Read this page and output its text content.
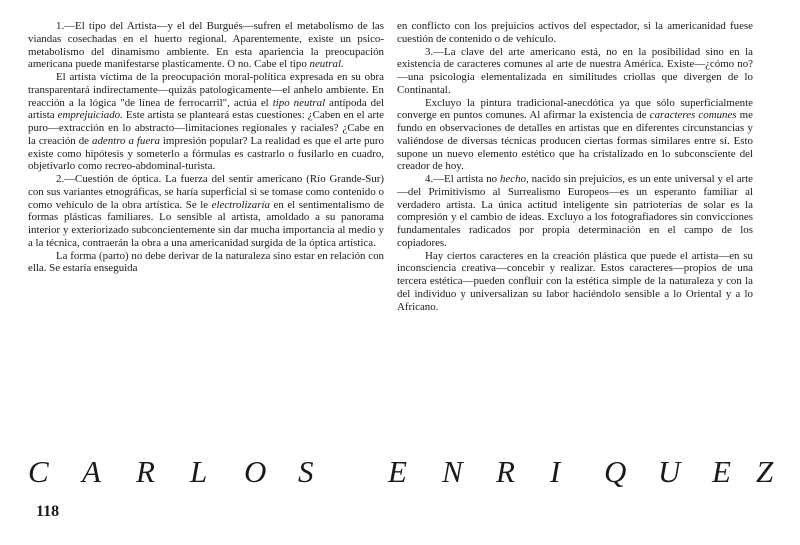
1.—El tipo del Artista—y el del Burgués—sufren el metabolismo de las viandas cosechadas en el huerto regional. Aparentemente, existe un psico-metabolismo del dinamismo ambiente. En esta apariencia la preocupación americana puede manifestarse plasticamente. O no. Cabe el tipo neutral.

El artista víctima de la preocupación moral-política expresada en su obra transparentará indirectamente—quizás patologicamente—el anhelo ambiente. En reacción a la lógica "de línea de ferrocarril", actúa el tipo neutral antípoda del artista emprejuiciado. Este artista se planteará estas cuestiones: ¿Caben en el arte puro—extracción en lo abstracto—limitaciones regionales y raciales? ¿Cabe en la creación de adentro a fuera impresión popular? La realidad es que el arte puro existe como hipótesis y someterlo a fórmulas es castrarlo o fusilarlo en cuadro, objetivarlo como recreo-abdominal-turista.

2.—Cuestión de óptica. La fuerza del sentir americano (Río Grande-Sur) con sus variantes etnográficas, se haría superficial si se tomase como contenido o como vehículo de la obra artística. Se le electrolizaría en el sentimentalismo de formas plásticas familiares. Lo sensible al artista, amoldado a su panorama interior y exteriorizado subconcientemente sin dar mucha importancia al medio y a la técnica, contraerán la obra a una americanidad surgida de la óptica artística.

La forma (parto) no debe derivar de la naturaleza sino estar en relación con ella. Se estaría enseguida

en conflicto con los prejuicios activos del espectador, si la americanidad fuese cuestión de contenido o de vehículo.

3.—La clave del arte americano está, no en la posibilidad sino en la existencia de caracteres comunes al arte de nuestra América. Existe—¿cómo no?—una psicología elementalizada en similitudes criollas que divergen de lo Continantal.

Excluyo la pintura tradicional-anecdótica ya que sólo superficialmente converge en puntos comunes. Al afirmar la existencia de caracteres comunes me fundo en observaciones de detalles en artistas que en diferentes circunstancias y valiéndose de diversas técnicas producen ciertas formas similares entre sí. Esto supone un nuevo elemento estético que ha cristalizado en lo subconsciente del creador de hoy.

4.—El artista no hecho, nacido sin prejuicios, es un ente universal y el arte—del Primitivismo al Surrealismo Europeos—es un esperanto familiar al verdadero artista. La única actitud inteligente sin patrioterías de solar es la compresión y el cambio de ideas. Excluyo a los fotografiadores sin convicciones fundamentales radicados por propia determinación en el campo de los copiadores.

Hay ciertos caracteres en la creación plástica que puede el artista—en su inconsciencia creativa—concebir y realizar. Estos caracteres—propios de una tercera estética—pueden confluir con la estética simple de la naturaleza y con la del individuo y universalizan su labor haciéndolo sensible a lo Oriental y a lo Africano.

C A R L O S E N R I Q U E Z
118
